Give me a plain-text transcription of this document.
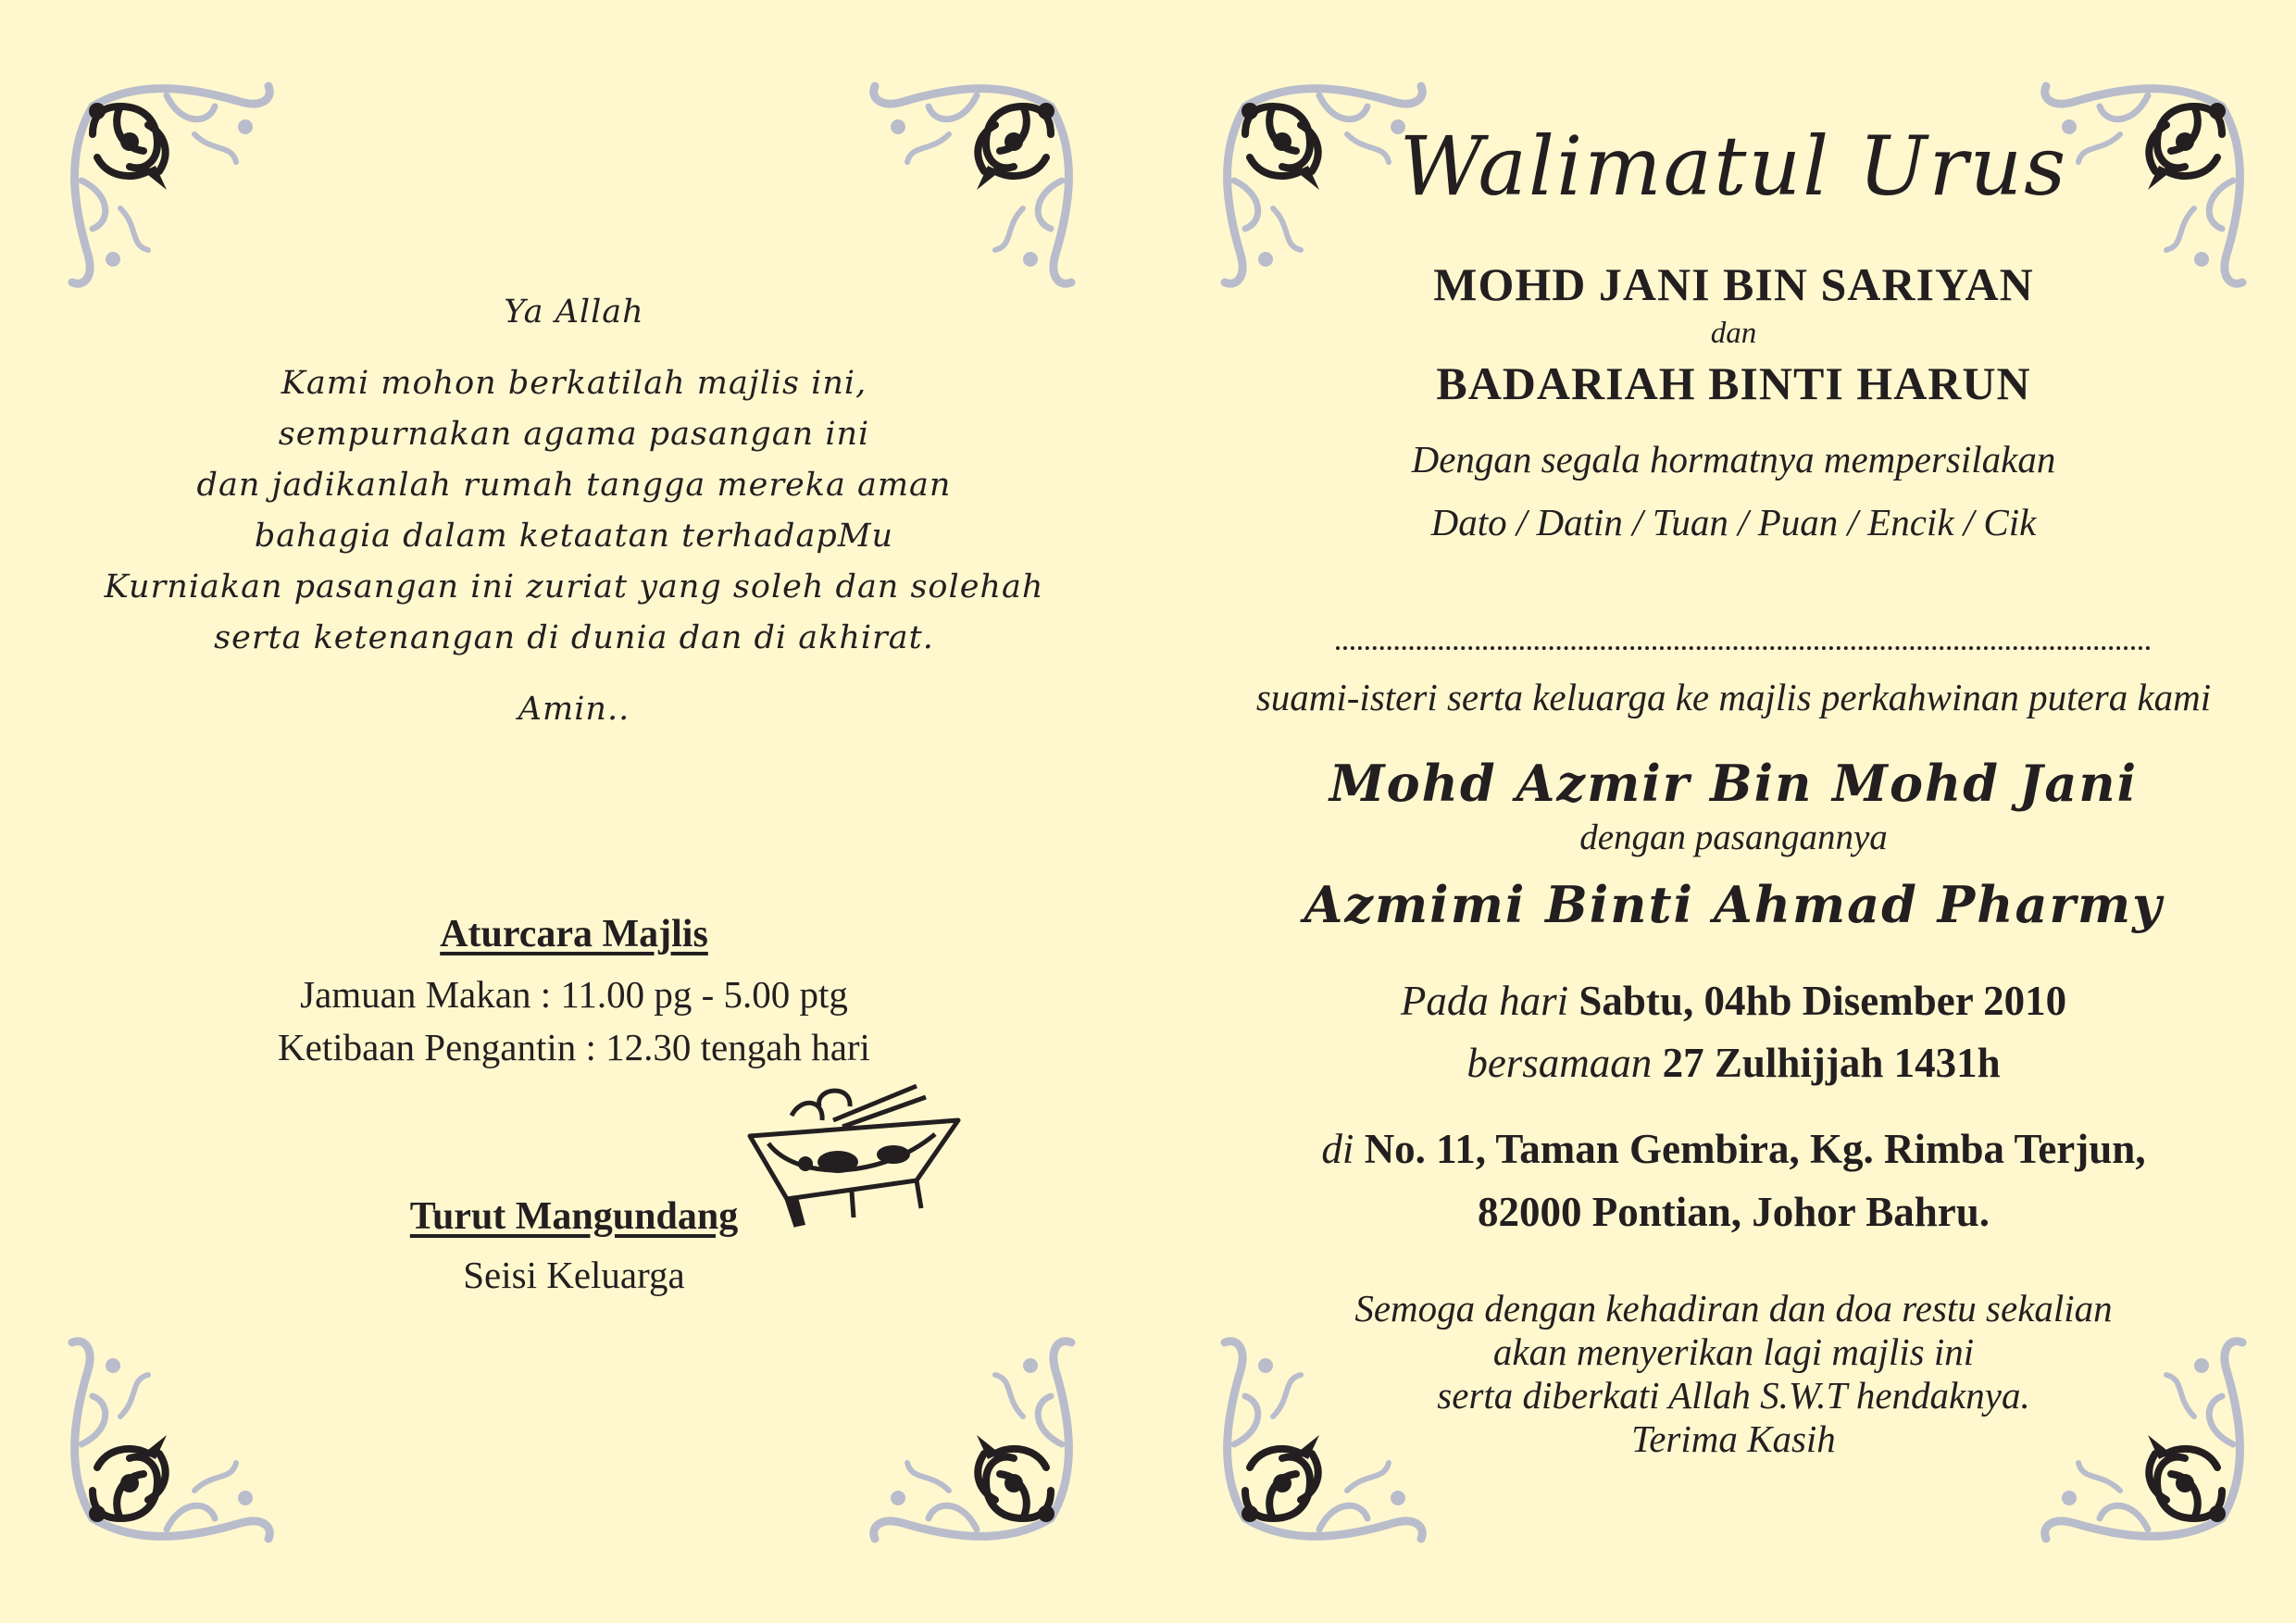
Ya Allah
Kami mohon berkatilah majlis ini,
sempurnakan agama pasangan ini
dan jadikanlah rumah tangga mereka aman
bahagia dalam ketaatan terhadapMu
Kurniakan pasangan ini zuriat yang soleh dan solehah
serta ketenangan di dunia dan di akhirat.
Amin..
Aturcara Majlis
Jamuan Makan : 11.00 pg - 5.00 ptg
Ketibaan Pengantin : 12.30 tengah hari
Turut Mangundang
Seisi Keluarga
Walimatul Urus
MOHD JANI BIN SARIYAN
dan
BADARIAH BINTI HARUN
Dengan segala hormatnya mempersilakan
Dato / Datin / Tuan / Puan / Encik / Cik
suami-isteri serta keluarga ke majlis perkahwinan putera kami
Mohd Azmir Bin Mohd Jani
dengan pasangannya
Azmimi Binti Ahmad Pharmy
Pada hari Sabtu, 04hb Disember 2010
bersamaan 27 Zulhijjah 1431h
di No. 11, Taman Gembira, Kg. Rimba Terjun,
82000 Pontian, Johor Bahru.
Semoga dengan kehadiran dan doa restu sekalian
akan menyerikan lagi majlis ini
serta diberkati Allah S.W.T hendaknya.
Terima Kasih
